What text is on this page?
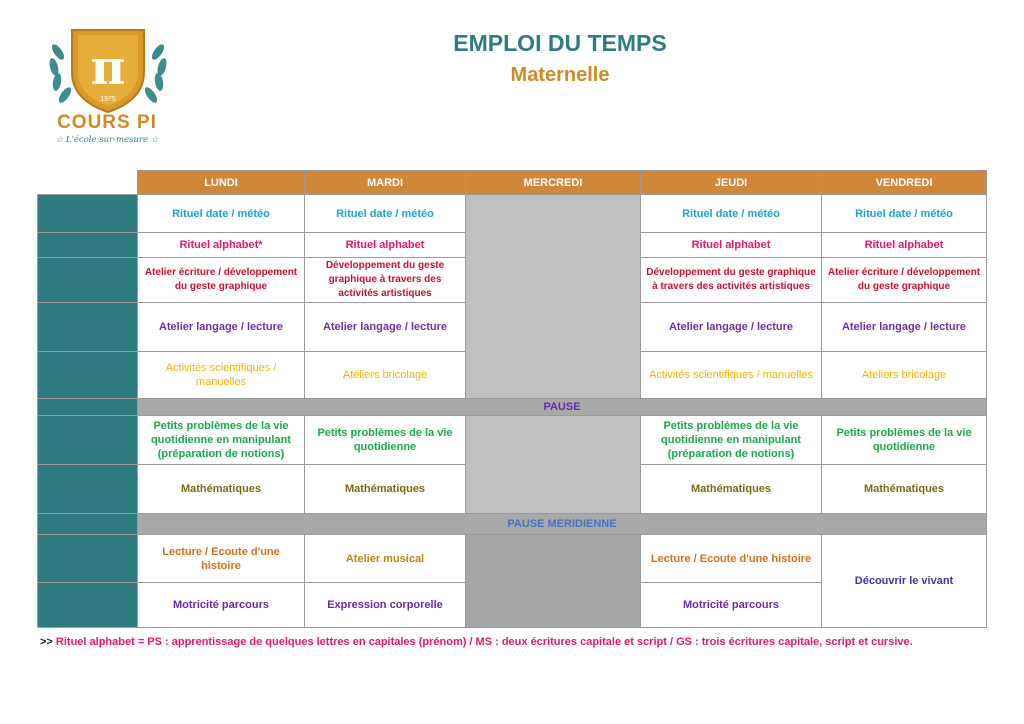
π
1975
COURS PI
☆ L'école sur-mesure ☆
EMPLOI DU TEMPS
Maternelle
	LUNDI	MARDI	MERCREDI	JEUDI	VENDREDI
	Rituel date / météo	Rituel date / météo		Rituel date / météo	Rituel date / météo
	Rituel alphabet*	Rituel alphabet		Rituel alphabet	Rituel alphabet
	Atelier écriture / développement du geste graphique	Développement du geste graphique à travers des activités artistiques		Développement du geste graphique à travers des activités artistiques	Atelier écriture / développement du geste graphique
	Atelier langage / lecture	Atelier langage / lecture		Atelier langage / lecture	Atelier langage / lecture
	Activités scientifiques / manuelles	Ateliers bricolage		Activités scientifiques / manuelles	Ateliers bricolage
	PAUSE				
	Petits problèmes de la vie quotidienne en manipulant (préparation de notions)	Petits problèmes de la vie quotidienne		Petits problèmes de la vie quotidienne en manipulant (préparation de notions)	Petits problèmes de la vie quotidienne
	Mathématiques	Mathématiques		Mathématiques	Mathématiques
	PAUSE MERIDIENNE				
	Lecture / Ecoute d'une histoire	Atelier musical		Lecture / Ecoute d'une histoire	Découvrir le vivant
	Motricité parcours	Expression corporelle		Motricité parcours	
>> Rituel alphabet = PS : apprentissage de quelques lettres en capitales (prénom) / MS : deux écritures capitale et script / GS : trois écritures capitale, script et cursive.
